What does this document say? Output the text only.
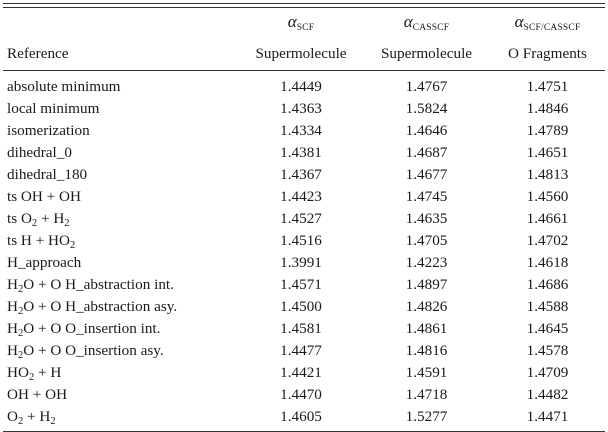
	$\alpha_{SCF}$	$\alpha_{CASSCF}$	$\alpha_{SCF/CASSCF}$
Reference	Supermolecule	Supermolecule	O Fragments

absolute minimum	1.4449	1.4767	1.4751
local minimum	1.4363	1.5824	1.4846
isomerization	1.4334	1.4646	1.4789
dihedral_0	1.4381	1.4687	1.4651
dihedral_180	1.4367	1.4677	1.4813
ts OH + OH	1.4423	1.4745	1.4560
ts $O_2 + H_2$	1.4527	1.4635	1.4661
ts $H + HO_2$	1.4516	1.4705	1.4702
H_approach	1.3991	1.4223	1.4618
$H_2O + O$ H_abstraction int.	1.4571	1.4897	1.4686
$H_2O + O$ H_abstraction asy.	1.4500	1.4826	1.4588
$H_2O + O$ O_insertion int.	1.4581	1.4861	1.4645
$H_2O + O$ O_insertion asy.	1.4477	1.4816	1.4578
$HO_2 + H$	1.4421	1.4591	1.4709
OH + OH	1.4470	1.4718	1.4482
$O_2 + H_2$	1.4605	1.5277	1.4471
